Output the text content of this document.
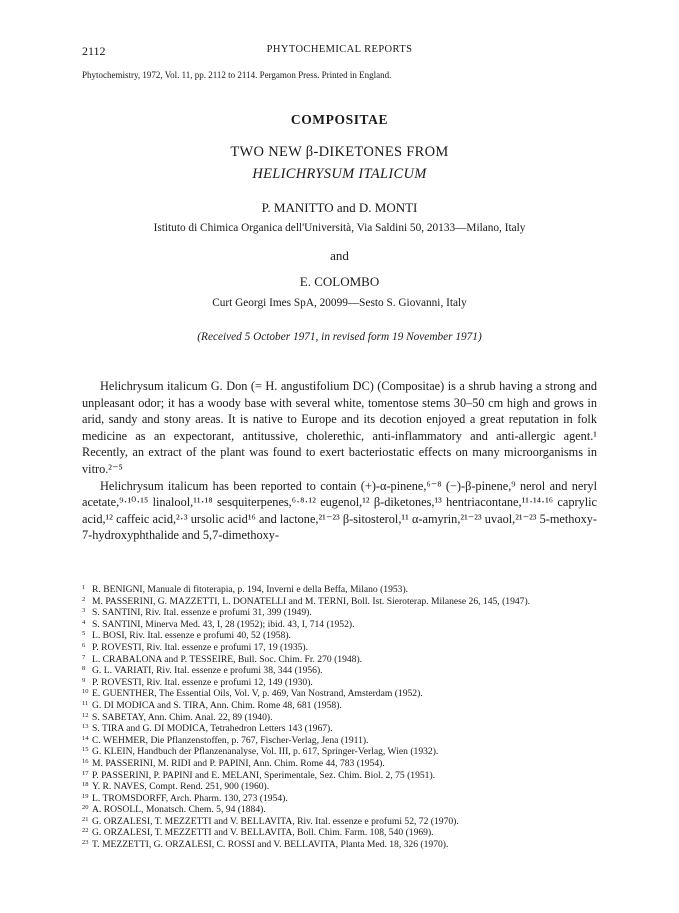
2112	PHYTOCHEMICAL REPORTS
Phytochemistry, 1972, Vol. 11, pp. 2112 to 2114. Pergamon Press. Printed in England.
COMPOSITAE
TWO NEW β-DIKETONES FROM
HELICHRYSUM ITALICUM
P. MANITTO and D. MONTI
Istituto di Chimica Organica dell'Università, Via Saldini 50, 20133—Milano, Italy
and
E. COLOMBO
Curt Georgi Imes SpA, 20099—Sesto S. Giovanni, Italy
(Received 5 October 1971, in revised form 19 November 1971)

Helichrysum italicum G. Don (= H. angustifolium DC) (Compositae) is a shrub having a strong and unpleasant odor; it has a woody base with several white, tomentose stems 30–50 cm high and grows in arid, sandy and stony areas. It is native to Europe and its decotion enjoyed a great reputation in folk medicine as an expectorant, antitussive, cholerethic, anti-inflammatory and anti-allergic agent.¹ Recently, an extract of the plant was found to exert bacteriostatic effects on many microorganisms in vitro.²⁻⁵

Helichrysum italicum has been reported to contain (+)-α-pinene,⁶⁻⁸ (−)-β-pinene,⁹ nerol and neryl acetate,⁹·¹⁰·¹⁵ linalool,¹¹·¹⁸ sesquiterpenes,⁶·⁸·¹² eugenol,¹² β-diketones,¹³ hentriacontane,¹¹·¹⁴·¹⁶ caprylic acid,¹² caffeic acid,²·³ ursolic acid¹⁶ and lactone,²¹⁻²³ β-sitosterol,¹¹ α-amyrin,²¹⁻²³ uvaol,²¹⁻²³ 5-methoxy-7-hydroxyphthalide and 5,7-dimethoxy-

1 R. BENIGNI, Manuale di fitoterapia, p. 194, Inverni e della Beffa, Milano (1953).
2 M. PASSERINI, G. MAZZETTI, L. DONATELLI and M. TERNI, Boll. Ist. Sieroterap. Milanese 26, 145, (1947).
3 S. SANTINI, Riv. Ital. essenze e profumi 31, 399 (1949).
4 S. SANTINI, Minerva Med. 43, I, 28 (1952); ibid. 43, I, 714 (1952).
5 L. BOSI, Riv. Ital. essenze e profumi 40, 52 (1958).
6 P. ROVESTI, Riv. Ital. essenze e profumi 17, 19 (1935).
7 L. CRABALONA and P. TESSEIRE, Bull. Soc. Chim. Fr. 270 (1948).
8 G. L. VARIATI, Riv. Ital. essenze e profumi 38, 344 (1956).
9 P. ROVESTI, Riv. Ital. essenze e profumi 12, 149 (1930).
10 E. GUENTHER, The Essential Oils, Vol. V, p. 469, Van Nostrand, Amsterdam (1952).
11 G. DI MODICA and S. TIRA, Ann. Chim. Rome 48, 681 (1958).
12 S. SABETAY, Ann. Chim. Anal. 22, 89 (1940).
13 S. TIRA and G. DI MODICA, Tetrahedron Letters 143 (1967).
14 C. WEHMER, Die Pflanzenstoffen, p. 767, Fischer-Verlag, Jena (1911).
15 G. KLEIN, Handbuch der Pflanzenanalyse, Vol. III, p. 617, Springer-Verlag, Wien (1932).
16 M. PASSERINI, M. RIDI and P. PAPINI, Ann. Chim. Rome 44, 783 (1954).
17 P. PASSERINI, P. PAPINI and E. MELANI, Sperimentale, Sez. Chim. Biol. 2, 75 (1951).
18 Y. R. NAVES, Compt. Rend. 251, 900 (1960).
19 L. TROMSDORFF, Arch. Pharm. 130, 273 (1954).
20 A. ROSOLL, Monatsch. Chem. 5, 94 (1884).
21 G. ORZALESI, T. MEZZETTI and V. BELLAVITA, Riv. Ital. essenze e profumi 52, 72 (1970).
22 G. ORZALESI, T. MEZZETTI and V. BELLAVITA, Boll. Chim. Farm. 108, 540 (1969).
23 T. MEZZETTI, G. ORZALESI, C. ROSSI and V. BELLAVITA, Planta Med. 18, 326 (1970).
